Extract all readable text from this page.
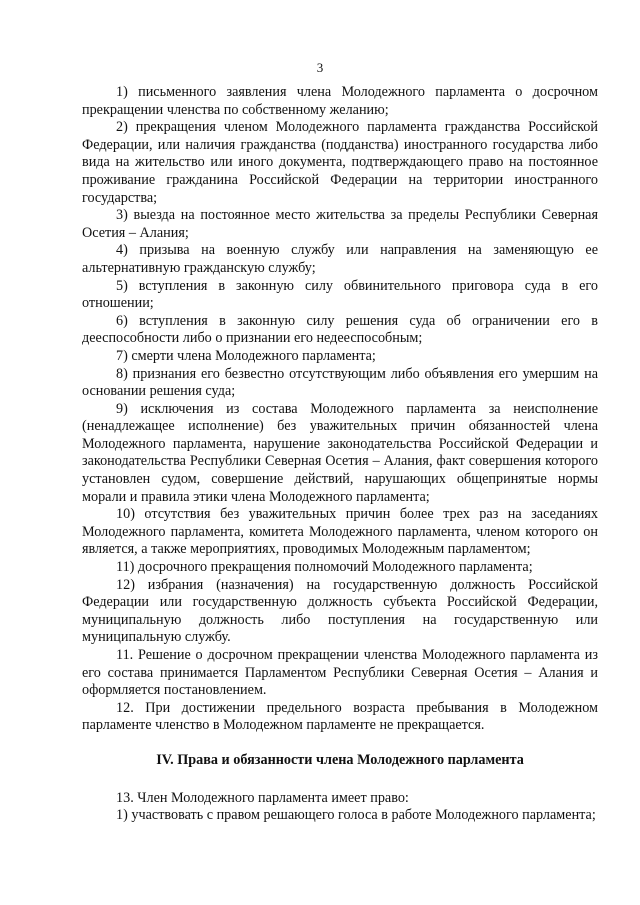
3

1) письменного заявления члена Молодежного парламента о досрочном прекращении членства по собственному желанию;

2) прекращения членом Молодежного парламента гражданства Российской Федерации, или наличия гражданства (подданства) иностранного государства либо вида на жительство или иного документа, подтверждающего право на постоянное проживание гражданина Российской Федерации на территории иностранного государства;

3) выезда на постоянное место жительства за пределы Республики Северная Осетия – Алания;

4) призыва на военную службу или направления на заменяющую ее альтернативную гражданскую службу;

5) вступления в законную силу обвинительного приговора суда в его отношении;

6) вступления в законную силу решения суда об ограничении его в дееспособности либо о признании его недееспособным;

7) смерти члена Молодежного парламента;

8) признания его безвестно отсутствующим либо объявления его умершим на основании решения суда;

9) исключения из состава Молодежного парламента за неисполнение (ненадлежащее исполнение) без уважительных причин обязанностей члена Молодежного парламента, нарушение законодательства Российской Федерации и законодательства Республики Северная Осетия – Алания, факт совершения которого установлен судом, совершение действий, нарушающих общепринятые нормы морали и правила этики члена Молодежного парламента;

10) отсутствия без уважительных причин более трех раз на заседаниях Молодежного парламента, комитета Молодежного парламента, членом которого он является, а также мероприятиях, проводимых Молодежным парламентом;

11) досрочного прекращения полномочий Молодежного парламента;

12) избрания (назначения) на государственную должность Российской Федерации или государственную должность субъекта Российской Федерации, муниципальную должность либо поступления на государственную или муниципальную службу.

11. Решение о досрочном прекращении членства Молодежного парламента из его состава принимается Парламентом Республики Северная Осетия – Алания и оформляется постановлением.

12. При достижении предельного возраста пребывания в Молодежном парламенте членство в Молодежном парламенте не прекращается.

IV. Права и обязанности члена Молодежного парламента

13. Член Молодежного парламента имеет право:

1) участвовать с правом решающего голоса в работе Молодежного парламента;
